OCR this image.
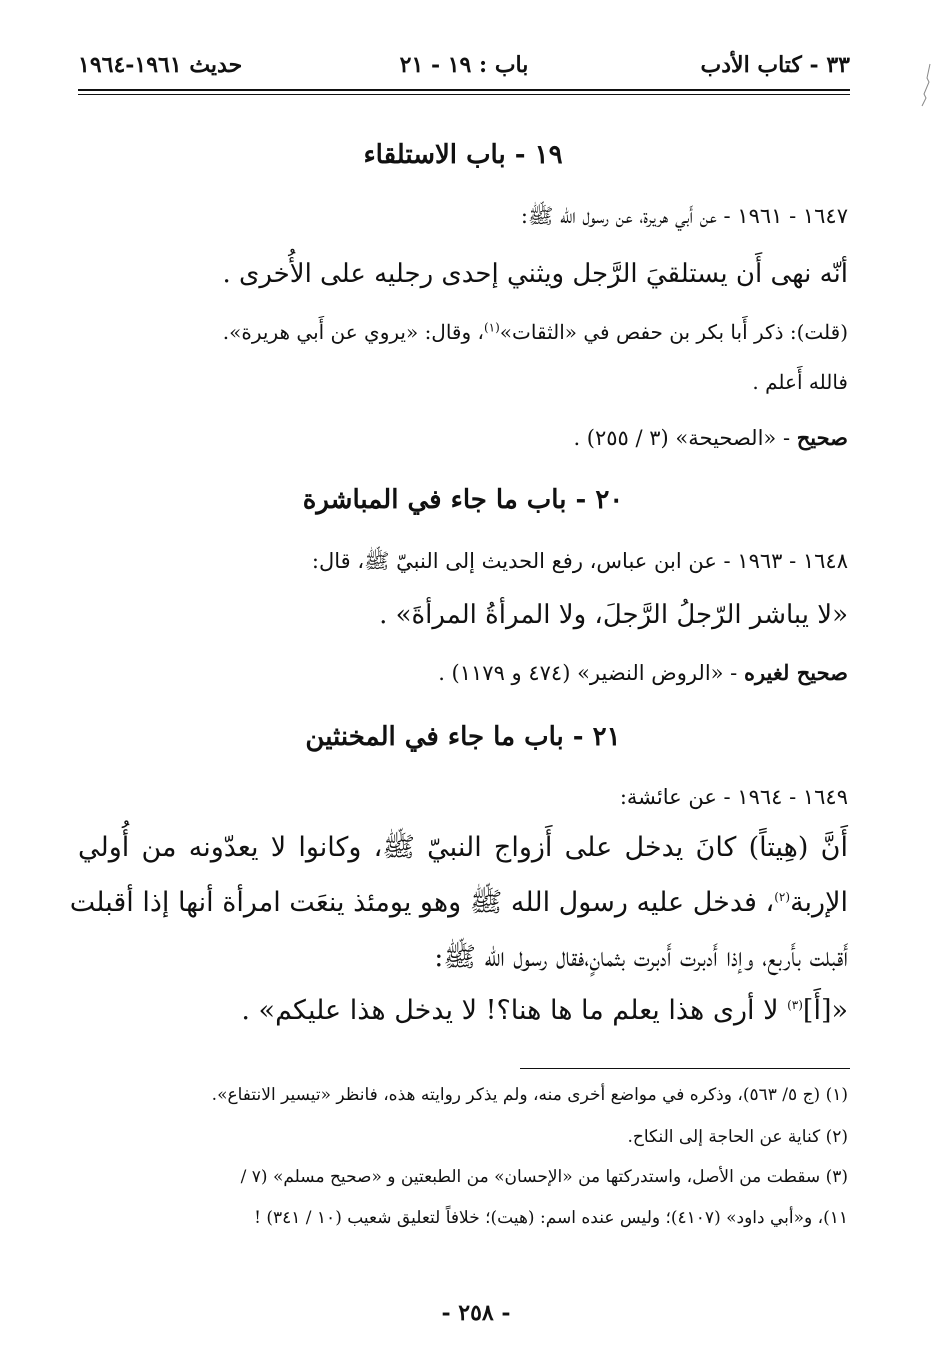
٣٣ - كتاب الأدب
باب : ١٩ - ٢١
حديث ١٩٦١-١٩٦٤
١٩ - باب الاستلقاء
١٦٤٧ - ١٩٦١ - عن أَبي هريرة، عن رسول الله ﷺ:
أنّه نهى أَن يستلقيَ الرَّجل ويثني إحدى رجليه على الأُخرى .
(قلت): ذكر أَبا بكر بن حفص في «الثقات»$^{(١)}$، وقال: «يروي عن أَبي هريرة».
فالله أَعلم .
صحيح - «الصحيحة» (٣ / ٢٥٥) .
٢٠ - باب ما جاء في المباشرة
١٦٤٨ - ١٩٦٣ - عن ابن عباس، رفع الحديث إلى النبيّ ﷺ، قال:
«لا يباشر الرّجلُ الرَّجلَ، ولا المرأةُ المرأةَ» .
صحيح لغيره - «الروض النضير» (٤٧٤ و ١١٧٩) .
٢١ - باب ما جاء في المخنثين
١٦٤٩ - ١٩٦٤ - عن عائشة:
أَنَّ (هِيتاً) كانَ يدخل على أَزواج النبيّ ﷺ، وكانوا لا يعدّونه من أُولي
الإربة$^{(٢)}$، فدخل عليه رسول الله ﷺ وهو يومئذ ينعَت امرأة أنها إذا أقبلت
أَقبلت بأَربع، وإذا أَدبرت أَدبرت بثمانٍ،فقال رسول الله ﷺ:
«[أَ]$^{(٣)}$ لا أرى هذا يعلم ما ها هنا؟! لا يدخل هذا عليكم» .
(١) (ج ٥/ ٥٦٣)، وذكره في مواضع أخرى منه، ولم يذكر روايته هذه، فانظر «تيسير الانتفاع».
(٢) كناية عن الحاجة إلى النكاح.
(٣) سقطت من الأصل، واستدركتها من «الإحسان» من الطبعتين و «صحيح مسلم» (٧ /
١١)، و«أبي داود» (٤١٠٧)؛ وليس عنده اسم: (هيت)؛ خلافاً لتعليق شعيب (١٠ / ٣٤١) !
- ٢٥٨ -
